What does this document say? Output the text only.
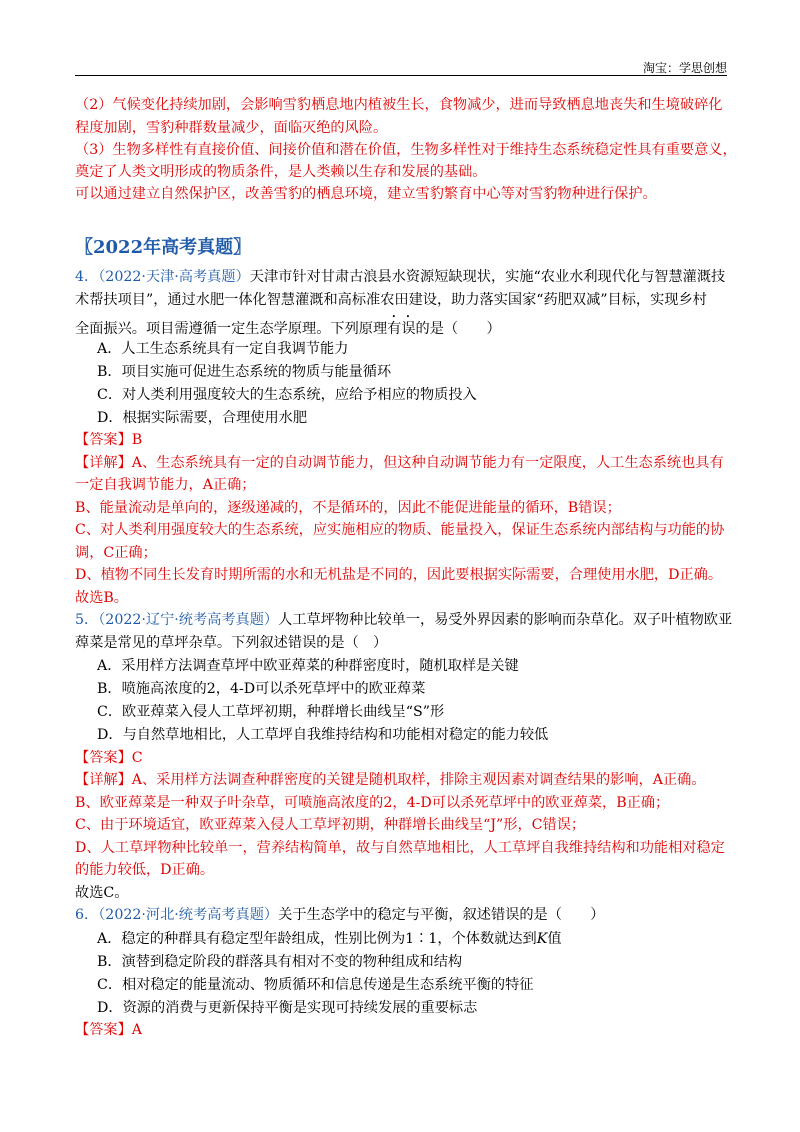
淘宝：学思创想
（2）气候变化持续加剧，会影响雪豹栖息地内植被生长，食物减少，进而导致栖息地丧失和生境破碎化
程度加剧，雪豹种群数量减少，面临灭绝的风险。
（3）生物多样性有直接价值、间接价值和潜在价值，生物多样性对于维持生态系统稳定性具有重要意义，
奠定了人类文明形成的物质条件，是人类赖以生存和发展的基础。
可以通过建立自然保护区，改善雪豹的栖息环境，建立雪豹繁育中心等对雪豹物种进行保护。
〖2022年高考真题〗
4．（2022·天津·高考真题）天津市针对甘肃古浪县水资源短缺现状，实施“农业水利现代化与智慧灌溉技
术帮扶项目”，通过水肥一体化智慧灌溉和高标准农田建设，助力落实国家“药肥双减”目标，实现乡村
全面振兴。项目需遵循一定生态学原理。下列原理有误的是（　　）
A．人工生态系统具有一定自我调节能力
B．项目实施可促进生态系统的物质与能量循环
C．对人类利用强度较大的生态系统，应给予相应的物质投入
D．根据实际需要，合理使用水肥
【答案】B
【详解】A、生态系统具有一定的自动调节能力，但这种自动调节能力有一定限度，人工生态系统也具有
一定自我调节能力，A正确；
B、能量流动是单向的，逐级递减的，不是循环的，因此不能促进能量的循环，B错误；
C、对人类利用强度较大的生态系统，应实施相应的物质、能量投入，保证生态系统内部结构与功能的协
调，C正确；
D、植物不同生长发育时期所需的水和无机盐是不同的，因此要根据实际需要，合理使用水肥，D正确。
故选B。
5．（2022·辽宁·统考高考真题）人工草坪物种比较单一，易受外界因素的影响而杂草化。双子叶植物欧亚
蔊菜是常见的草坪杂草。下列叙述错误的是（　）
A．采用样方法调查草坪中欧亚蔊菜的种群密度时，随机取样是关键
B．喷施高浓度的2，4-D可以杀死草坪中的欧亚蔊菜
C．欧亚蔊菜入侵人工草坪初期，种群增长曲线呈“S”形
D．与自然草地相比，人工草坪自我维持结构和功能相对稳定的能力较低
【答案】C
【详解】A、采用样方法调查种群密度的关键是随机取样，排除主观因素对调查结果的影响，A正确。
B、欧亚蔊菜是一种双子叶杂草，可喷施高浓度的2，4-D可以杀死草坪中的欧亚蔊菜，B正确；
C、由于环境适宜，欧亚蔊菜入侵人工草坪初期，种群增长曲线呈“J”形，C错误；
D、人工草坪物种比较单一，营养结构简单，故与自然草地相比，人工草坪自我维持结构和功能相对稳定
的能力较低，D正确。
故选C。
6．（2022·河北·统考高考真题）关于生态学中的稳定与平衡，叙述错误的是（　　）
A．稳定的种群具有稳定型年龄组成，性别比例为1∶1，个体数就达到K值
B．演替到稳定阶段的群落具有相对不变的物种组成和结构
C．相对稳定的能量流动、物质循环和信息传递是生态系统平衡的特征
D．资源的消费与更新保持平衡是实现可持续发展的重要标志
【答案】A
